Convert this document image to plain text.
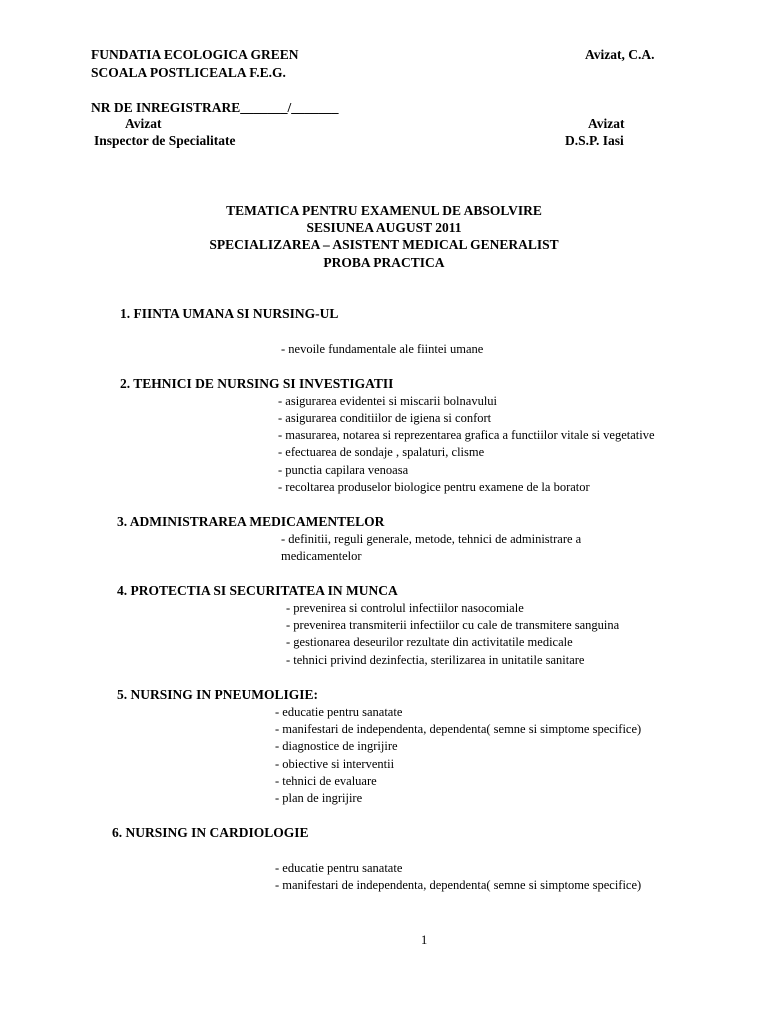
FUNDATIA ECOLOGICA GREEN
SCOALA POSTLICEALA F.E.G.
Avizat, C.A.
NR DE INREGISTRARE_______/_______
Avizat
Inspector de Specialitate
Avizat
D.S.P. Iasi
TEMATICA PENTRU EXAMENUL DE ABSOLVIRE
SESIUNEA AUGUST 2011
SPECIALIZAREA – ASISTENT MEDICAL GENERALIST
PROBA PRACTICA
1. FIINTA UMANA SI NURSING-UL
- nevoile fundamentale ale fiintei umane
2. TEHNICI DE NURSING SI INVESTIGATII
- asigurarea evidentei si miscarii bolnavului
- asigurarea conditiilor de igiena si confort
- masurarea, notarea si reprezentarea grafica a functiilor vitale si vegetative
- efectuarea de sondaje , spalaturi, clisme
- punctia capilara venoasa
- recoltarea produselor biologice pentru examene de la borator
3. ADMINISTRAREA MEDICAMENTELOR
- definitii, reguli generale, metode, tehnici de administrare a
medicamentelor
4. PROTECTIA SI SECURITATEA IN MUNCA
- prevenirea si controlul infectiilor nasocomiale
- prevenirea transmiterii infectiilor cu cale de transmitere sanguina
- gestionarea deseurilor rezultate din activitatile medicale
- tehnici privind dezinfectia, sterilizarea in unitatile sanitare
5. NURSING IN PNEUMOLIGIE:
- educatie pentru sanatate
- manifestari de independenta, dependenta( semne si simptome specifice)
- diagnostice de ingrijire
- obiective si interventii
- tehnici de evaluare
- plan de ingrijire
6. NURSING IN CARDIOLOGIE
- educatie pentru sanatate
- manifestari de independenta, dependenta( semne si simptome specifice)
1
